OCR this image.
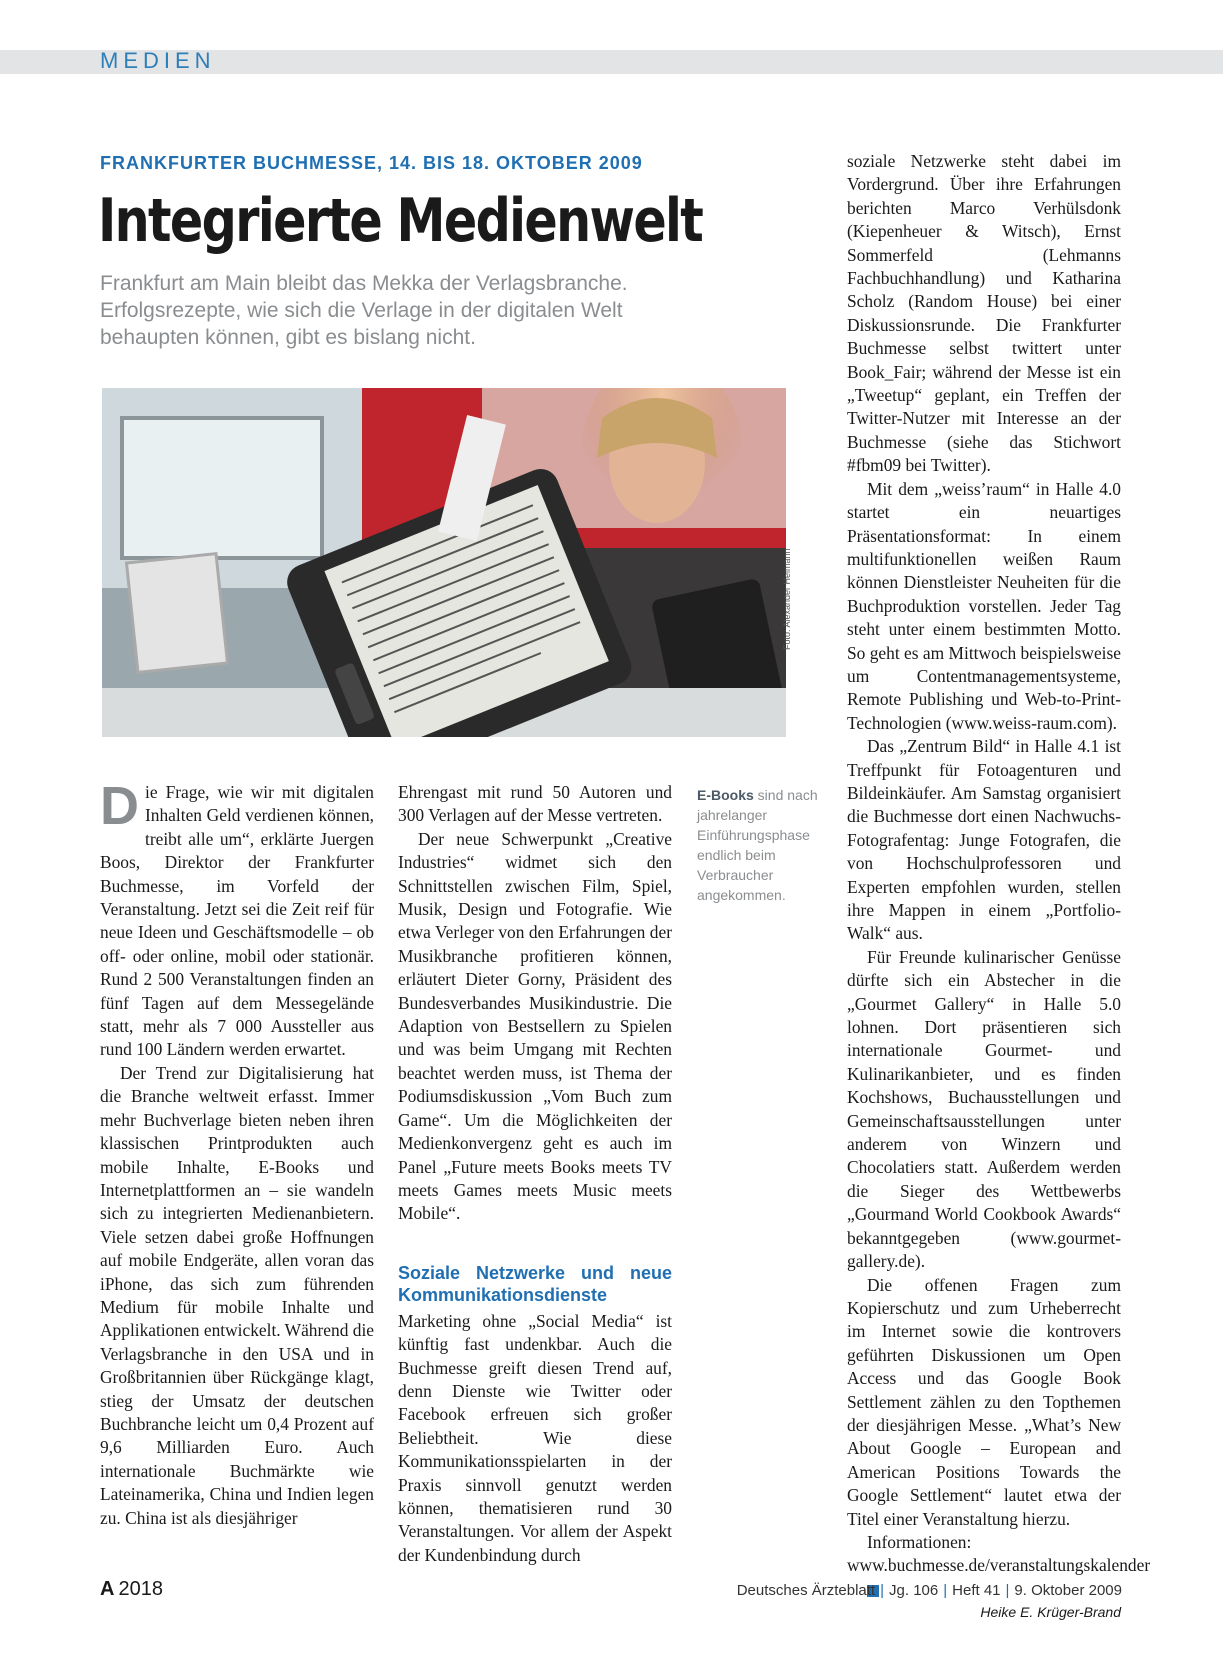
MEDIEN
FRANKFURTER BUCHMESSE, 14. BIS 18. OKTOBER 2009
Integrierte Medienwelt
Frankfurt am Main bleibt das Mekka der Verlagsbranche. Erfolgsrezepte, wie sich die Verlage in der digitalen Welt behaupten können, gibt es bislang nicht.
Foto: Alexander Heimann
E-Books sind nach jahrelanger Einführungsphase endlich beim Verbraucher angekommen.

Die Frage, wie wir mit digitalen Inhalten Geld verdienen können, treibt alle um“, erklärte Juergen Boos, Direktor der Frankfurter Buchmesse, im Vorfeld der Veranstaltung. Jetzt sei die Zeit reif für neue Ideen und Geschäftsmodelle – ob off- oder online, mobil oder stationär. Rund 2 500 Veranstaltungen finden an fünf Tagen auf dem Messegelände statt, mehr als 7 000 Aussteller aus rund 100 Ländern werden erwartet.

Der Trend zur Digitalisierung hat die Branche weltweit erfasst. Immer mehr Buchverlage bieten neben ihren klassischen Printprodukten auch mobile Inhalte, E-Books und Internetplattformen an – sie wandeln sich zu integrierten Medienanbietern. Viele setzen dabei große Hoffnungen auf mobile Endgeräte, allen voran das iPhone, das sich zum führenden Medium für mobile Inhalte und Applikationen entwickelt. Während die Verlagsbranche in den USA und in Großbritannien über Rückgänge klagt, stieg der Umsatz der deutschen Buchbranche leicht um 0,4 Prozent auf 9,6 Milliarden Euro. Auch internationale Buchmärkte wie Lateinamerika, China und Indien legen zu. China ist als diesjähriger

Ehrengast mit rund 50 Autoren und 300 Verlagen auf der Messe vertreten.

Der neue Schwerpunkt „Creative Industries“ widmet sich den Schnittstellen zwischen Film, Spiel, Musik, Design und Fotografie. Wie etwa Verleger von den Erfahrungen der Musikbranche profitieren können, erläutert Dieter Gorny, Präsident des Bundesverbandes Musikindustrie. Die Adaption von Bestsellern zu Spielen und was beim Umgang mit Rechten beachtet werden muss, ist Thema der Podiumsdiskussion „Vom Buch zum Game“. Um die Möglichkeiten der Medienkonvergenz geht es auch im Panel „Future meets Books meets TV meets Games meets Music meets Mobile“.

Soziale Netzwerke und neue Kommunikationsdienste

Marketing ohne „Social Media“ ist künftig fast undenkbar. Auch die Buchmesse greift diesen Trend auf, denn Dienste wie Twitter oder Facebook erfreuen sich großer Beliebtheit. Wie diese Kommunikationsspielarten in der Praxis sinnvoll genutzt werden können, thematisieren rund 30 Veranstaltungen. Vor allem der Aspekt der Kundenbindung durch

soziale Netzwerke steht dabei im Vordergrund. Über ihre Erfahrungen berichten Marco Verhülsdonk (Kiepenheuer & Witsch), Ernst Sommerfeld (Lehmanns Fachbuchhandlung) und Katharina Scholz (Random House) bei einer Diskussionsrunde. Die Frankfurter Buchmesse selbst twittert unter Book_Fair; während der Messe ist ein „Tweetup“ geplant, ein Treffen der Twitter-Nutzer mit Interesse an der Buchmesse (siehe das Stichwort #fbm09 bei Twitter).

Mit dem „weiss’raum“ in Halle 4.0 startet ein neuartiges Präsentationsformat: In einem multifunktionellen weißen Raum können Dienstleister Neuheiten für die Buchproduktion vorstellen. Jeder Tag steht unter einem bestimmten Motto. So geht es am Mittwoch beispielsweise um Contentmanagementsysteme, Remote Publishing und Web-to-Print-Technologien (www.weiss-raum.com).

Das „Zentrum Bild“ in Halle 4.1 ist Treffpunkt für Fotoagenturen und Bildeinkäufer. Am Samstag organisiert die Buchmesse dort einen Nachwuchs-Fotografentag: Junge Fotografen, die von Hochschulprofessoren und Experten empfohlen wurden, stellen ihre Mappen in einem „Portfolio-Walk“ aus.

Für Freunde kulinarischer Genüsse dürfte sich ein Abstecher in die „Gourmet Gallery“ in Halle 5.0 lohnen. Dort präsentieren sich internationale Gourmet- und Kulinarikanbieter, und es finden Kochshows, Buchausstellungen und Gemeinschaftsausstellungen unter anderem von Winzern und Chocolatiers statt. Außerdem werden die Sieger des Wettbewerbs „Gourmand World Cookbook Awards“ bekanntgegeben (www.gourmet-gallery.de).

Die offenen Fragen zum Kopierschutz und zum Urheberrecht im Internet sowie die kontrovers geführten Diskussionen um Open Access und das Google Book Settlement zählen zu den Topthemen der diesjährigen Messe. „What’s New About Google – European and American Positions Towards the Google Settlement“ lautet etwa der Titel einer Veranstaltung hierzu.

Informationen: www.buchmesse.de/veranstaltungskalender

Heike E. Krüger-Brand
A 2018	Deutsches Ärzteblatt | Jg. 106 | Heft 41 | 9. Oktober 2009
